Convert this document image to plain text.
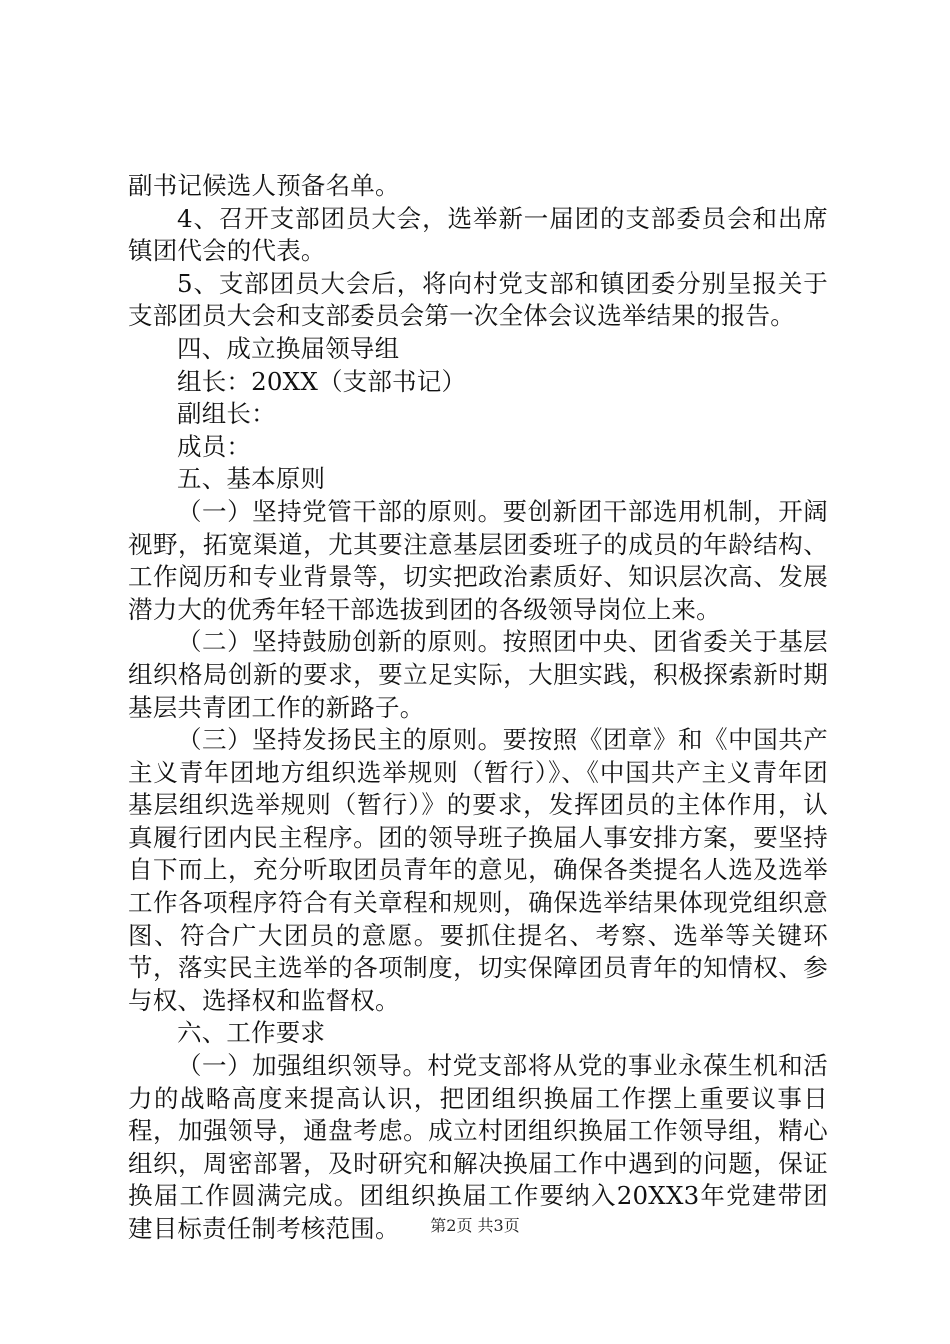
副书记候选人预备名单。

4、召开支部团员大会，选举新一届团的支部委员会和出席镇团代会的代表。

5、支部团员大会后，将向村党支部和镇团委分别呈报关于支部团员大会和支部委员会第一次全体会议选举结果的报告。

四、成立换届领导组

组长：20XX（支部书记）

副组长：

成员：

五、基本原则

（一）坚持党管干部的原则。要创新团干部选用机制，开阔视野，拓宽渠道，尤其要注意基层团委班子的成员的年龄结构、工作阅历和专业背景等，切实把政治素质好、知识层次高、发展潜力大的优秀年轻干部选拔到团的各级领导岗位上来。

（二）坚持鼓励创新的原则。按照团中央、团省委关于基层组织格局创新的要求，要立足实际，大胆实践，积极探索新时期基层共青团工作的新路子。

（三）坚持发扬民主的原则。要按照《团章》和《中国共产主义青年团地方组织选举规则（暂行）》、《中国共产主义青年团基层组织选举规则（暂行）》的要求，发挥团员的主体作用，认真履行团内民主程序。团的领导班子换届人事安排方案，要坚持自下而上，充分听取团员青年的意见，确保各类提名人选及选举工作各项程序符合有关章程和规则，确保选举结果体现党组织意图、符合广大团员的意愿。要抓住提名、考察、选举等关键环节，落实民主选举的各项制度，切实保障团员青年的知情权、参与权、选择权和监督权。

六、工作要求

（一）加强组织领导。村党支部将从党的事业永葆生机和活力的战略高度来提高认识，把团组织换届工作摆上重要议事日程，加强领导，通盘考虑。成立村团组织换届工作领导组，精心组织，周密部署，及时研究和解决换届工作中遇到的问题，保证换届工作圆满完成。团组织换届工作要纳入20XX3年党建带团建目标责任制考核范围。	第2页 共3页
